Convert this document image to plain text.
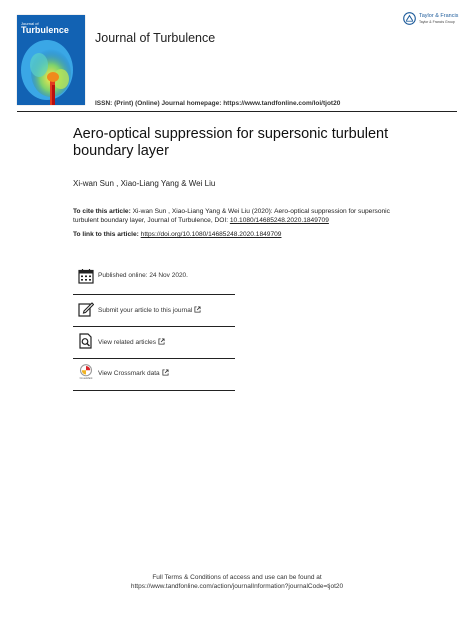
Journal of
Turbulence
Journal of Turbulence
Taylor & Francis
Taylor & Francis Group
ISSN: (Print) (Online) Journal homepage: https://www.tandfonline.com/loi/tjot20
Aero-optical suppression for supersonic turbulent boundary layer
Xi-wan Sun , Xiao-Liang Yang & Wei Liu
To cite this article: Xi-wan Sun , Xiao-Liang Yang & Wei Liu (2020): Aero-optical suppression for supersonic turbulent boundary layer, Journal of Turbulence, DOI: 10.1080/14685248.2020.1849709
To link to this article: https://doi.org/10.1080/14685248.2020.1849709
Published online: 24 Nov 2020.
Submit your article to this journal
View related articles
CrossMark
View Crossmark data
Full Terms & Conditions of access and use can be found at
https://www.tandfonline.com/action/journalInformation?journalCode=tjot20
